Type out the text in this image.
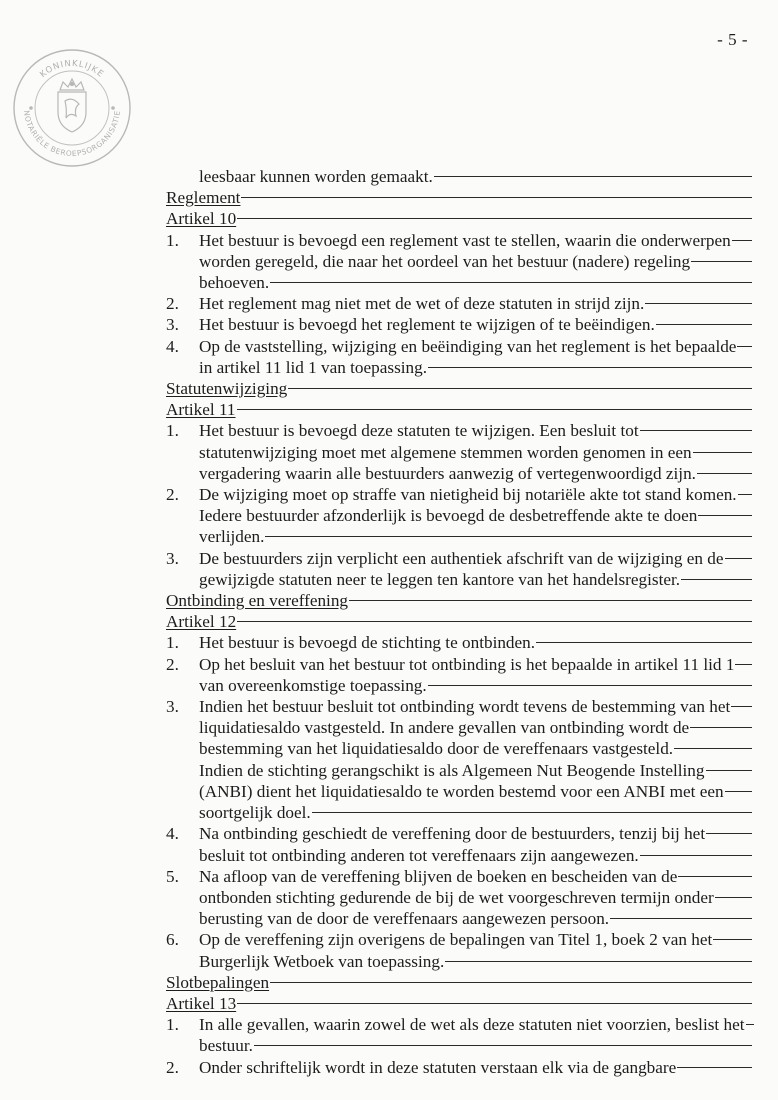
- 5 -
KONINKLIJKE
NOTARIËLE BEROEPSORGANISATIE
leesbaar kunnen worden gemaakt.
Reglement
Artikel 10
1.	Het bestuur is bevoegd een reglement vast te stellen, waarin die onderwerpen
worden geregeld, die naar het oordeel van het bestuur (nadere) regeling
behoeven.
2.	Het reglement mag niet met de wet of deze statuten in strijd zijn.
3.	Het bestuur is bevoegd het reglement te wijzigen of te beëindigen.
4.	Op de vaststelling, wijziging en beëindiging van het reglement is het bepaalde
in artikel 11 lid 1 van toepassing.
Statutenwijziging
Artikel 11
1.	Het bestuur is bevoegd deze statuten te wijzigen. Een besluit tot
statutenwijziging moet met algemene stemmen worden genomen in een
vergadering waarin alle bestuurders aanwezig of vertegenwoordigd zijn.
2.	De wijziging moet op straffe van nietigheid bij notariële akte tot stand komen.
Iedere bestuurder afzonderlijk is bevoegd de desbetreffende akte te doen
verlijden.
3.	De bestuurders zijn verplicht een authentiek afschrift van de wijziging en de
gewijzigde statuten neer te leggen ten kantore van het handelsregister.
Ontbinding en vereffening
Artikel 12
1.	Het bestuur is bevoegd de stichting te ontbinden.
2.	Op het besluit van het bestuur tot ontbinding is het bepaalde in artikel 11 lid 1
van overeenkomstige toepassing.
3.	Indien het bestuur besluit tot ontbinding wordt tevens de bestemming van het
liquidatiesaldo vastgesteld. In andere gevallen van ontbinding wordt de
bestemming van het liquidatiesaldo door de vereffenaars vastgesteld.
Indien de stichting gerangschikt is als Algemeen Nut Beogende Instelling
(ANBI) dient het liquidatiesaldo te worden bestemd voor een ANBI met een
soortgelijk doel.
4.	Na ontbinding geschiedt de vereffening door de bestuurders, tenzij bij het
besluit tot ontbinding anderen tot vereffenaars zijn aangewezen.
5.	Na afloop van de vereffening blijven de boeken en bescheiden van de
ontbonden stichting gedurende de bij de wet voorgeschreven termijn onder
berusting van de door de vereffenaars aangewezen persoon.
6.	Op de vereffening zijn overigens de bepalingen van Titel 1, boek 2 van het
Burgerlijk Wetboek van toepassing.
Slotbepalingen
Artikel 13
1.	In alle gevallen, waarin zowel de wet als deze statuten niet voorzien, beslist het
bestuur.
2.	Onder schriftelijk wordt in deze statuten verstaan elk via de gangbare
